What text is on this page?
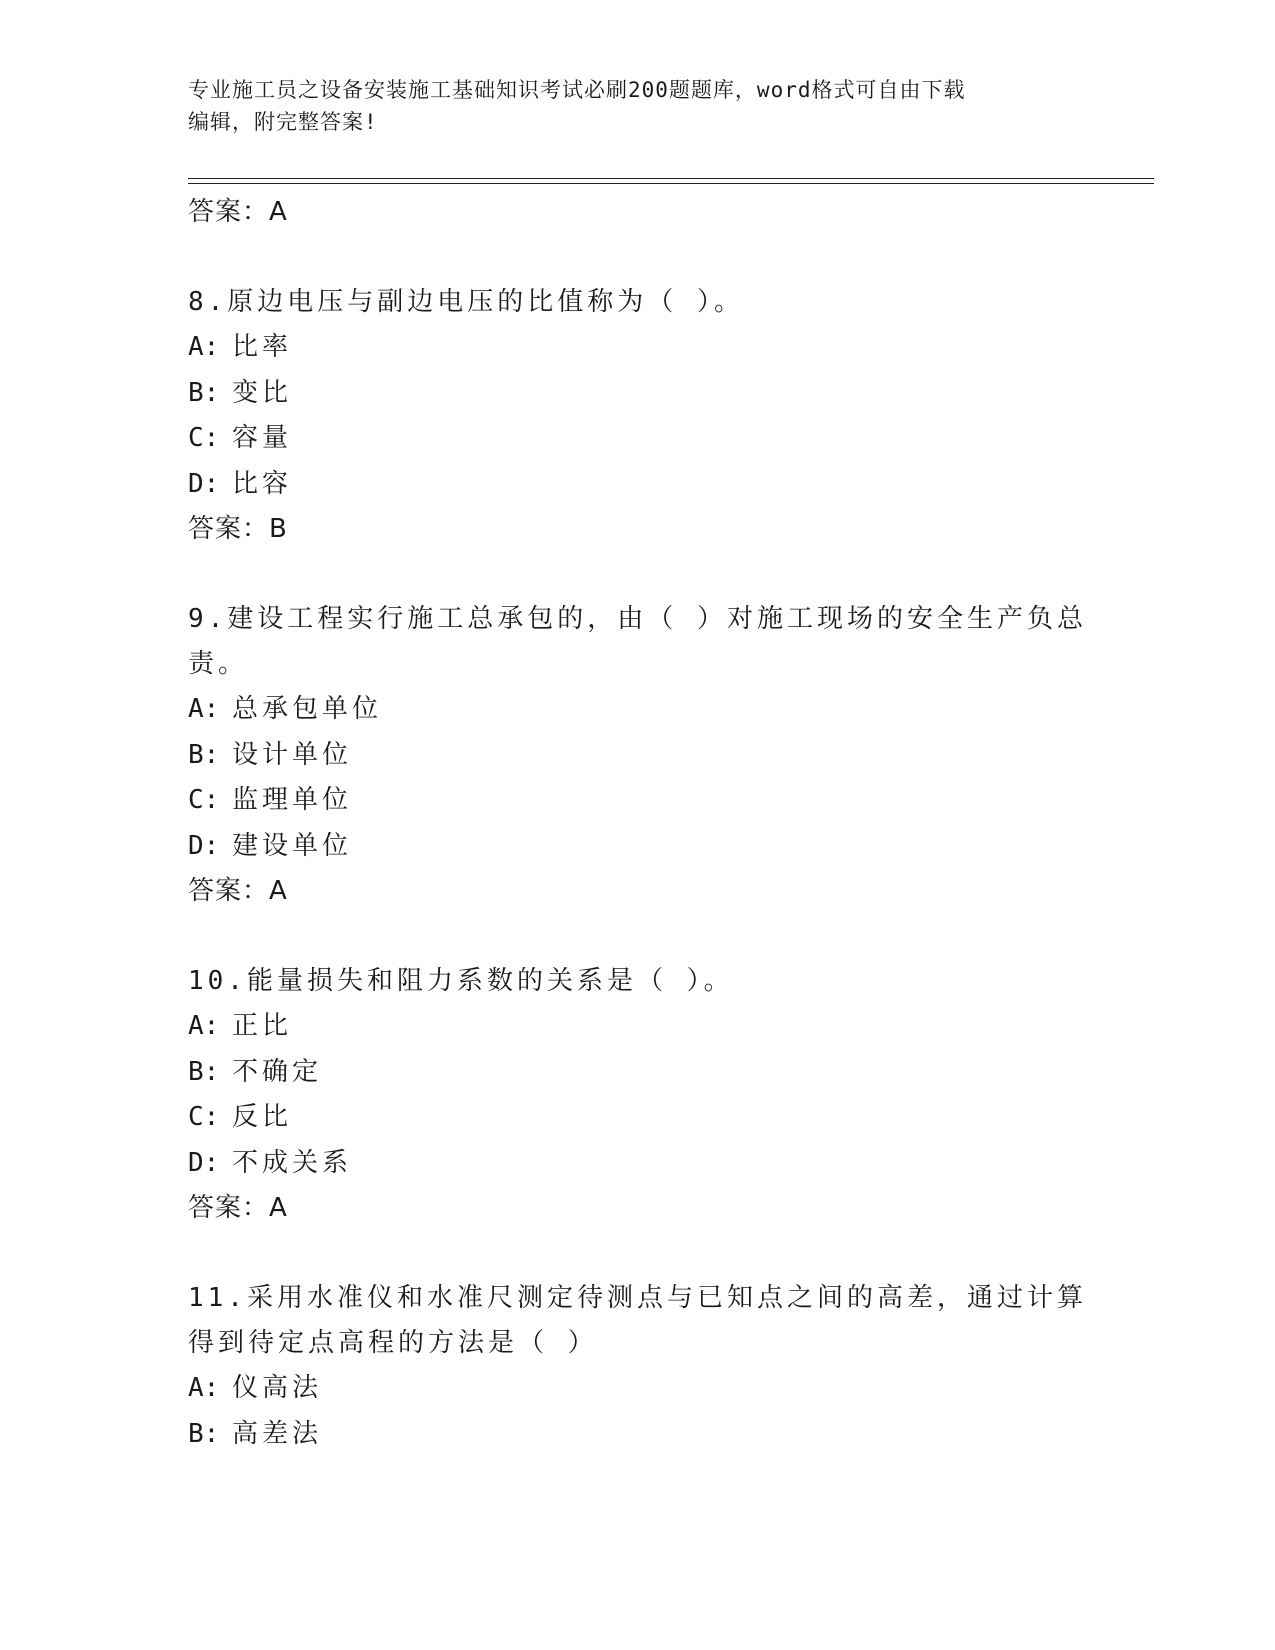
专业施工员之设备安装施工基础知识考试必刷200题题库，word格式可自由下载
编辑，附完整答案!
答案：A
8.原边电压与副边电压的比值称为（ ）。
A: 比率
B: 变比
C: 容量
D: 比容
答案：B
9.建设工程实行施工总承包的，由（ ）对施工现场的安全生产负总责。
A: 总承包单位
B: 设计单位
C: 监理单位
D: 建设单位
答案：A
10.能量损失和阻力系数的关系是（ ）。
A: 正比
B: 不确定
C: 反比
D: 不成关系
答案：A
11.采用水准仪和水准尺测定待测点与已知点之间的高差，通过计算得到待定点高程的方法是（ ）
A: 仪高法
B: 高差法
